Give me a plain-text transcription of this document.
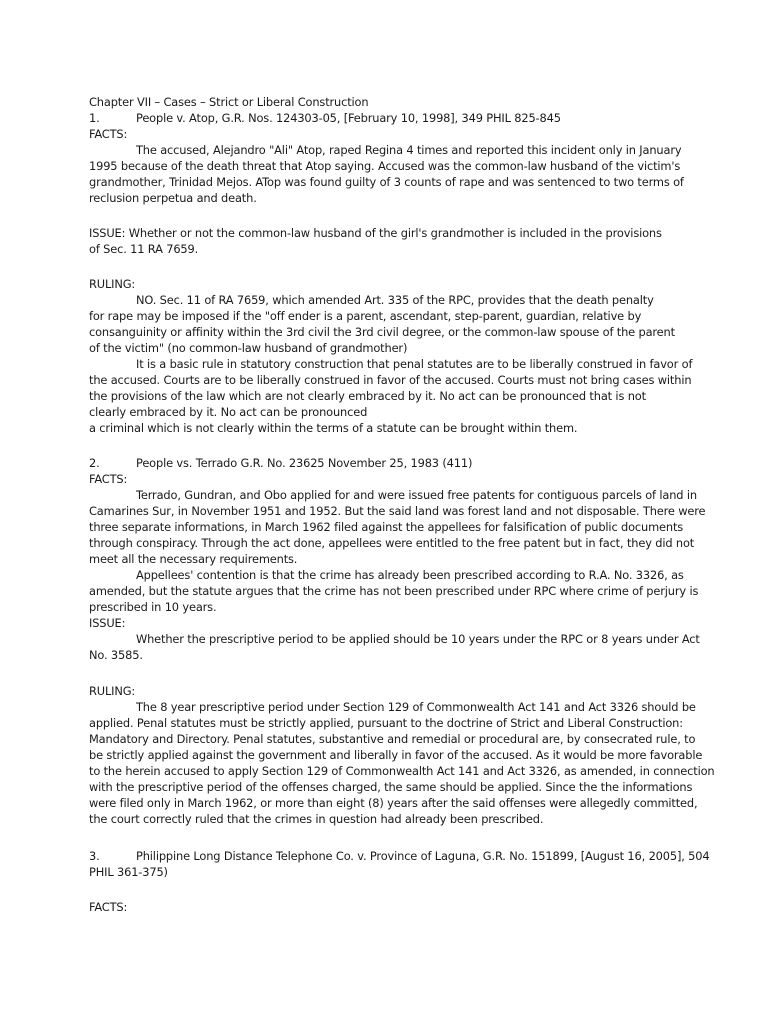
Chapter VII – Cases – Strict or Liberal Construction
1.	People v. Atop, G.R. Nos. 124303-05, [February 10, 1998], 349 PHIL 825-845
FACTS:
The accused, Alejandro "Ali" Atop, raped Regina 4 times and reported this incident only in January
1995 because of the death threat that Atop saying. Accused was the common-law husband of the victim's
grandmother, Trinidad Mejos. ATop was found guilty of 3 counts of rape and was sentenced to two terms of
reclusion perpetua and death.
ISSUE: Whether or not the common-law husband of the girl's grandmother is included in the provisions
of Sec. 11 RA 7659.
RULING:
NO. Sec. 11 of RA 7659, which amended Art. 335 of the RPC, provides that the death penalty
for rape may be imposed if the "off ender is a parent, ascendant, step-parent, guardian, relative by
consanguinity or affinity within the 3rd civil the 3rd civil degree, or the common-law spouse of the parent
of the victim" (no common-law husband of grandmother)
It is a basic rule in statutory construction that penal statutes are to be liberally construed in favor of
the accused. Courts are to be liberally construed in favor of the accused. Courts must not bring cases within
the provisions of the law which are not clearly embraced by it. No act can be pronounced that is not
clearly embraced by it. No act can be pronounced
a criminal which is not clearly within the terms of a statute can be brought within them.
2.	People vs. Terrado G.R. No. 23625 November 25, 1983 (411)
FACTS:
Terrado, Gundran, and Obo applied for and were issued free patents for contiguous parcels of land in
Camarines Sur, in November 1951 and 1952. But the said land was forest land and not disposable. There were
three separate informations, in March 1962 filed against the appellees for falsification of public documents
through conspiracy. Through the act done, appellees were entitled to the free patent but in fact, they did not
meet all the necessary requirements.
Appellees' contention is that the crime has already been prescribed according to R.A. No. 3326, as
amended, but the statute argues that the crime has not been prescribed under RPC where crime of perjury is
prescribed in 10 years.
ISSUE:
Whether the prescriptive period to be applied should be 10 years under the RPC or 8 years under Act
No. 3585.
RULING:
The 8 year prescriptive period under Section 129 of Commonwealth Act 141 and Act 3326 should be
applied. Penal statutes must be strictly applied, pursuant to the doctrine of Strict and Liberal Construction:
Mandatory and Directory. Penal statutes, substantive and remedial or procedural are, by consecrated rule, to
be strictly applied against the government and liberally in favor of the accused. As it would be more favorable
to the herein accused to apply Section 129 of Commonwealth Act 141 and Act 3326, as amended, in connection
with the prescriptive period of the offenses charged, the same should be applied. Since the the informations
were filed only in March 1962, or more than eight (8) years after the said offenses were allegedly committed,
the court correctly ruled that the crimes in question had already been prescribed.
3.	Philippine Long Distance Telephone Co. v. Province of Laguna, G.R. No. 151899, [August 16, 2005], 504
PHIL 361-375)
FACTS:
